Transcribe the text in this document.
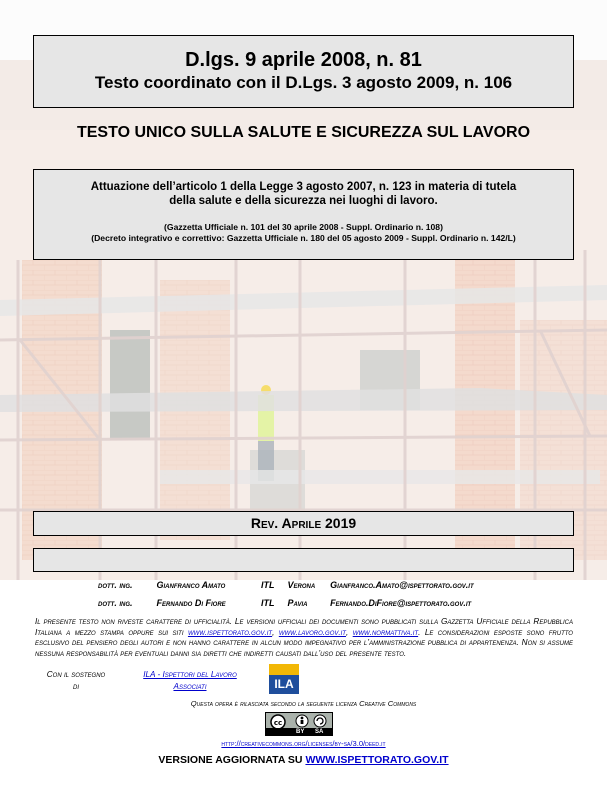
D.lgs. 9 aprile 2008, n. 81
Testo coordinato con il D.Lgs. 3 agosto 2009, n. 106
TESTO UNICO SULLA SALUTE E SICUREZZA SUL LAVORO
Attuazione dell’articolo 1 della Legge 3 agosto 2007, n. 123 in materia di tutela
della salute e della sicurezza nei luoghi di lavoro.
(Gazzetta Ufficiale n. 101 del 30 aprile 2008 - Suppl. Ordinario n. 108)
(Decreto integrativo e correttivo: Gazzetta Ufficiale n. 180 del 05 agosto 2009 - Suppl. Ordinario n. 142/L)
Rev. Aprile 2019
dott. ing.	Gianfranco Amato	ITL Verona Gianfranco.Amato@ispettorato.gov.it
dott. ing.	Fernando Di Fiore	ITL Pavia	Fernando.DiFiore@ispettorato.gov.it
Il presente testo non riveste carattere di ufficialità. Le versioni ufficiali dei documenti sono pubblicati sulla Gazzetta Ufficiale della Repubblica Italiana a mezzo stampa oppure sui siti www.ispettorato.gov.it, www.lavoro.gov.it, www.normattiva.it. Le considerazioni esposte sono frutto esclusivo del pensiero degli autori e non hanno carattere in alcun modo impegnativo per l’amministrazione pubblica di appartenenza. Non si assume nessuna responsabilità per eventuali danni sia diretti che indiretti causati dall’uso del presente testo.
Con il sostegno di
ILA - Ispettori del Lavoro
Associati	ILA
Questa opera è rilasciata secondo la seguente licenza Creative Commons
cc
BY SA
http://creativecommons.org/licenses/by-sa/3.0/deed.it
VERSIONE AGGIORNATA SU WWW.ISPETTORATO.GOV.IT
